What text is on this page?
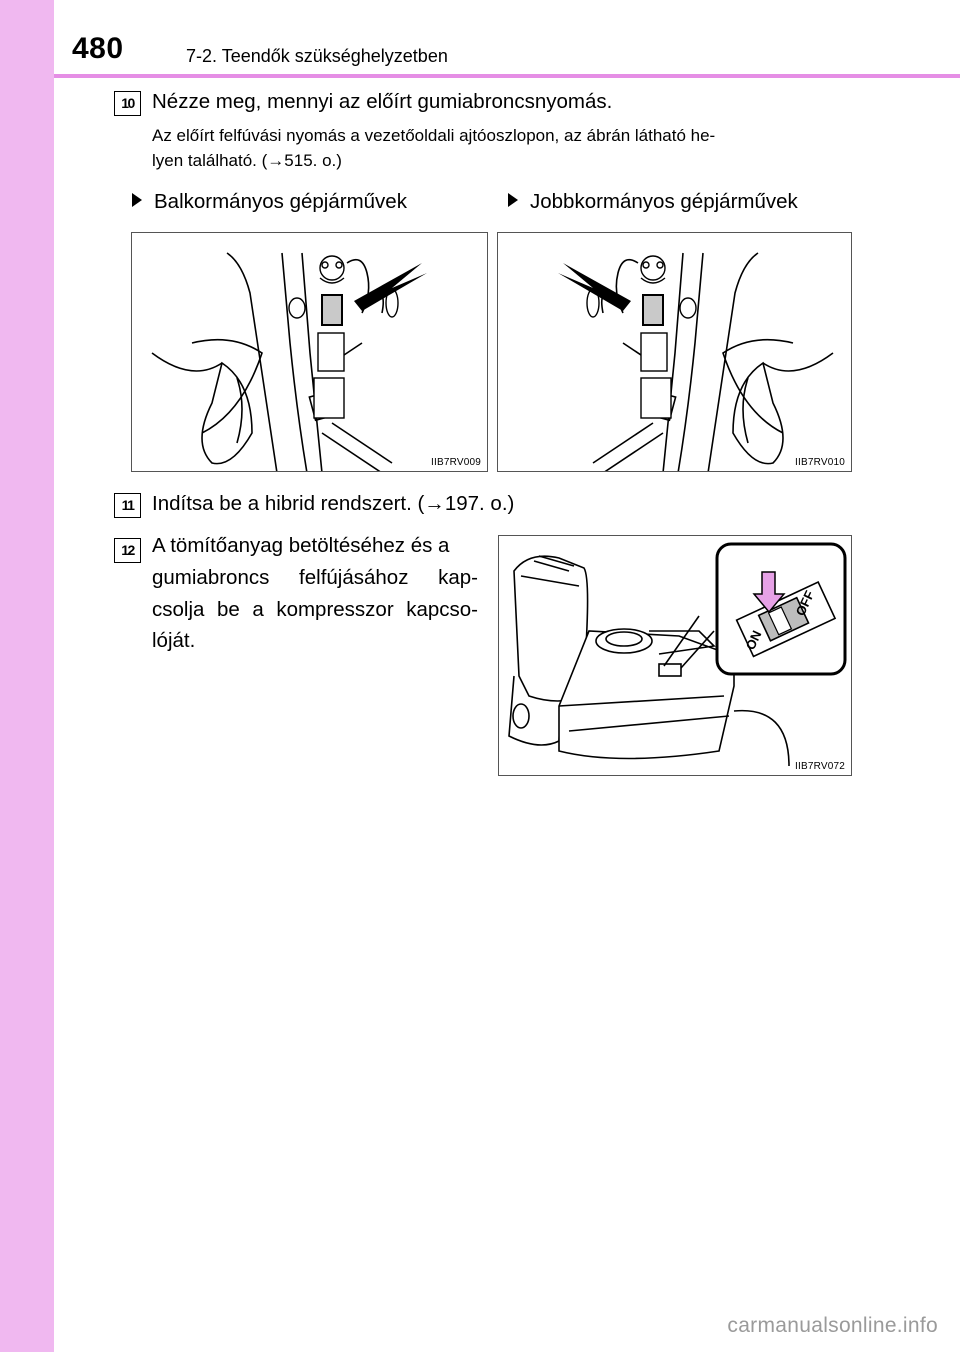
480	7-2. Teendők szükséghelyzetben
10 Nézze meg, mennyi az előírt gumiabroncsnyomás.
Az előírt felfúvási nyomás a vezetőoldali ajtóoszlopon, az ábrán látható he-
lyen található. (→515. o.)
Balkormányos gépjárművek	Jobbkormányos gépjárművek
IIB7RV009	IIB7RV010
11 Indítsa be a hibrid rendszert. (→197. o.)
12 A tömítőanyag betöltéséhez és a
gumiabroncs felfújásához kap-
csolja be a kompresszor kapcso-
lóját.	ON
OFF
IIB7RV072
carmanualsonline.info
